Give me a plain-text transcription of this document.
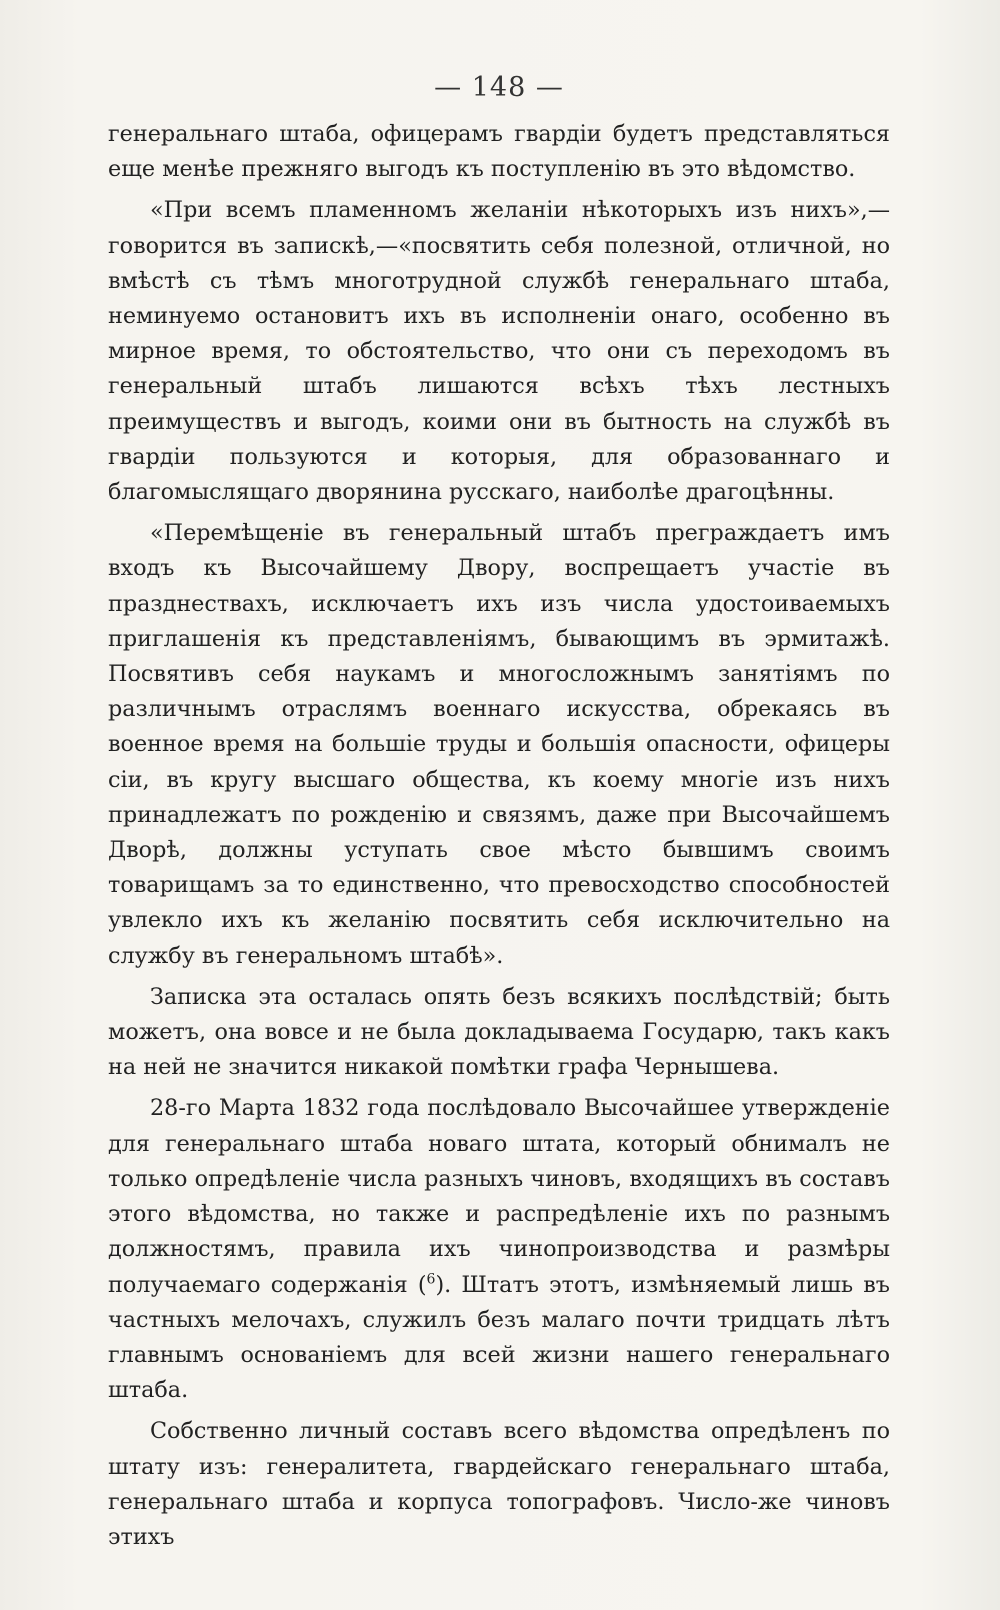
— 148 —

генеральнаго штаба, офицерамъ гвардіи будетъ представляться еще менѣе прежняго выгодъ къ поступленію въ это вѣдомство.

«При всемъ пламенномъ желаніи нѣкоторыхъ изъ нихъ»,— говорится въ запискѣ,—«посвятить себя полезной, отличной, но вмѣстѣ съ тѣмъ многотрудной службѣ генеральнаго штаба, неминуемо остановитъ ихъ въ исполненіи онаго, особенно въ мирное время, то обстоятельство, что они съ переходомъ въ генеральный штабъ лишаются всѣхъ тѣхъ лестныхъ преимуществъ и выгодъ, коими они въ бытность на службѣ въ гвардіи пользуются и которыя, для образованнаго и благомыслящаго дворянина русскаго, наиболѣе драгоцѣнны.

«Перемѣщеніе въ генеральный штабъ преграждаетъ имъ входъ къ Высочайшему Двору, воспрещаетъ участіе въ празднествахъ, исключаетъ ихъ изъ числа удостоиваемыхъ приглашенія къ представленіямъ, бывающимъ въ эрмитажѣ. Посвятивъ себя наукамъ и многосложнымъ занятіямъ по различнымъ отраслямъ военнаго искусства, обрекаясь въ военное время на большіе труды и большія опасности, офицеры сіи, въ кругу высшаго общества, къ коему многіе изъ нихъ принадлежатъ по рожденію и связямъ, даже при Высочайшемъ Дворѣ, должны уступать свое мѣсто бывшимъ своимъ товарищамъ за то единственно, что превосходство способностей увлекло ихъ къ желанію посвятить себя исключительно на службу въ генеральномъ штабѣ».

Записка эта осталась опять безъ всякихъ послѣдствій; быть можетъ, она вовсе и не была докладываема Государю, такъ какъ на ней не значится никакой помѣтки графа Чернышева.

28-го Марта 1832 года послѣдовало Высочайшее утвержденіе для генеральнаго штаба новаго штата, который обнималъ не только опредѣленіе числа разныхъ чиновъ, входящихъ въ составъ этого вѣдомства, но также и распредѣленіе ихъ по разнымъ должностямъ, правила ихъ чинопроизводства и размѣры получаемаго содержанія ($^6$). Штатъ этотъ, измѣняемый лишь въ частныхъ мелочахъ, служилъ безъ малаго почти тридцать лѣтъ главнымъ основаніемъ для всей жизни нашего генеральнаго штаба.

Собственно личный составъ всего вѣдомства опредѣленъ по штату изъ: генералитета, гвардейскаго генеральнаго штаба, генеральнаго штаба и корпуса топографовъ. Число-же чиновъ этихъ
